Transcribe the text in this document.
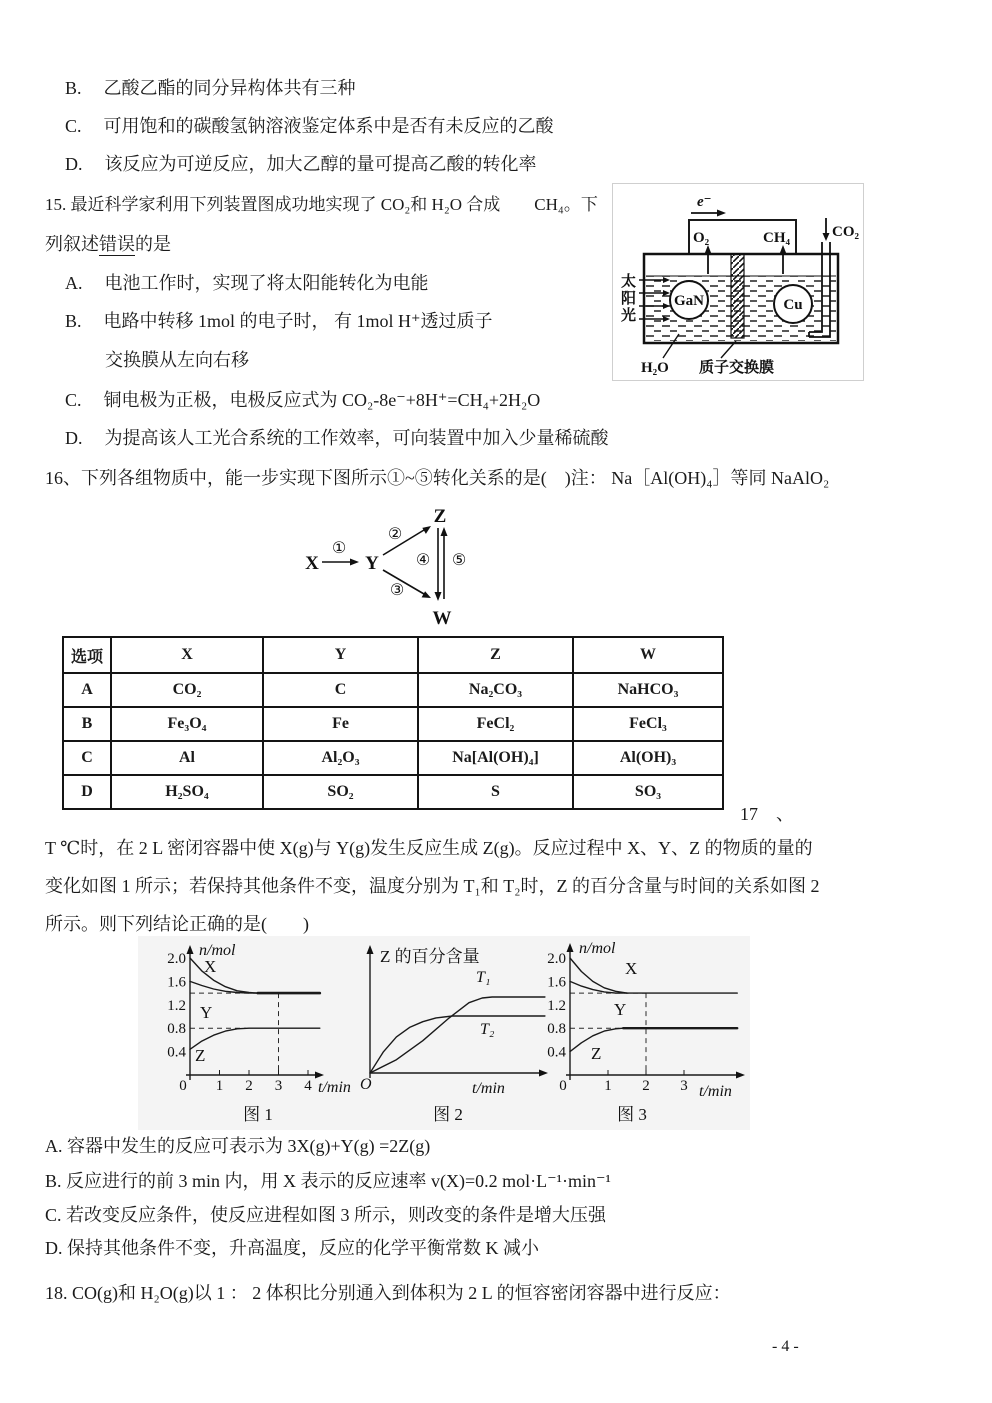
B. 乙酸乙酯的同分异构体共有三种
C. 可用饱和的碳酸氢钠溶液鉴定体系中是否有未反应的乙酸
D. 该反应为可逆反应，加大乙醇的量可提高乙酸的转化率
15. 最近科学家利用下列装置图成功地实现了 CO₂和 H₂O 合成　　CH₄。下
列叙述错误的是
e⁻
O₂	CH₄	CO₂
GaN	Cu
太
阳
光
H₂O 质子交换膜
A. 电池工作时，实现了将太阳能转化为电能
B. 电路中转移 1mol 的电子时， 有 1mol H⁺透过质子
交换膜从左向右移
C. 铜电极为正极，电极反应式为 CO₂-8e⁻+8H⁺=CH₄+2H₂O
D. 为提高该人工光合系统的工作效率，可向装置中加入少量稀硫酸
16、下列各组物质中，能一步实现下图所示①~⑤转化关系的是(　)注： Na［Al(OH)₄］等同 NaAlO₂
X Y
Z
W
①
②
③
④ ⑤
选项	X	Y	Z	W
A	CO₂	C	Na₂CO₃	NaHCO₃
B	Fe₃O₄	Fe	FeCl₂	FeCl₃
C	Al	Al₂O₃	Na[Al(OH)₄]	Al(OH)₃
D	H₂SO₄	SO₂	S	SO₃
17　、
T ℃时，在 2 L 密闭容器中使 X(g)与 Y(g)发生反应生成 Z(g)。反应过程中 X、Y、Z 的物质的量的
变化如图 1 所示；若保持其他条件不变，温度分别为 T₁和 T₂时，Z 的百分含量与时间的关系如图 2
所示。则下列结论正确的是(　　)
n/mol
2.0
1.6
1.2
0.8
0.4
0 1 2 3 4 t/min
X
Y
Z
图 1
Z 的百分含量
T₁
T₂
O	t/min
图 2
n/mol
2.0
1.6
1.2
0.8
0.4
0	1 2 3 t/min
X
Y
Z
图 3
A. 容器中发生的反应可表示为 3X(g)+Y(g) =2Z(g)
B. 反应进行的前 3 min 内，用 X 表示的反应速率 v(X)=0.2 mol·L⁻¹·min⁻¹
C. 若改变反应条件，使反应进程如图 3 所示，则改变的条件是增大压强
D. 保持其他条件不变，升高温度，反应的化学平衡常数 K 减小
18. CO(g)和 H₂O(g)以 1 ： 2 体积比分别通入到体积为 2 L 的恒容密闭容器中进行反应：
- 4 -
